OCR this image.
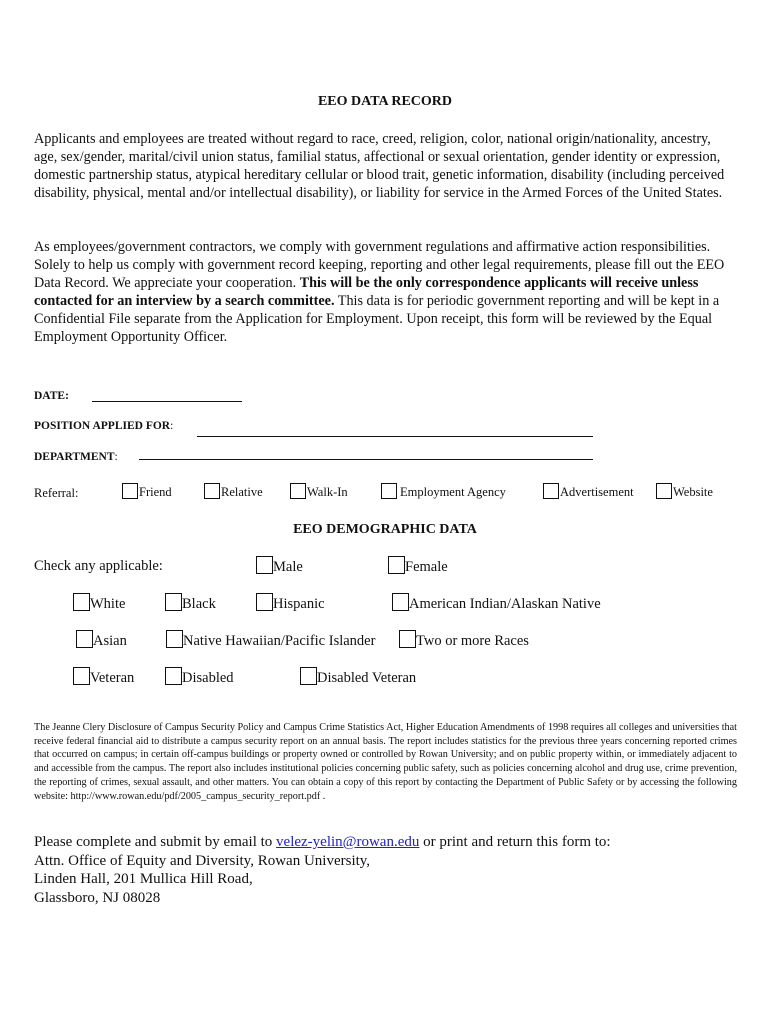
EEO DATA RECORD
Applicants and employees are treated without regard to race, creed, religion, color, national origin/nationality, ancestry, age, sex/gender, marital/civil union status, familial status, affectional or sexual orientation, gender identity or expression, domestic partnership status, atypical hereditary cellular or blood trait, genetic information, disability (including perceived disability, physical, mental and/or intellectual disability), or liability for service in the Armed Forces of the United States.
As employees/government contractors, we comply with government regulations and affirmative action responsibilities. Solely to help us comply with government record keeping, reporting and other legal requirements, please fill out the EEO Data Record. We appreciate your cooperation. This will be the only correspondence applicants will receive unless contacted for an interview by a search committee. This data is for periodic government reporting and will be kept in a Confidential File separate from the Application for Employment. Upon receipt, this form will be reviewed by the Equal Employment Opportunity Officer.
DATE:
POSITION APPLIED FOR:
DEPARTMENT:
Referral:	Friend	Relative	Walk-In	Employment Agency	Advertisement	Website
EEO DEMOGRAPHIC DATA
Check any applicable:	Male	Female
White	Black	Hispanic	American Indian/Alaskan Native
Asian	Native Hawaiian/Pacific Islander	Two or more Races
Veteran	Disabled	Disabled Veteran
The Jeanne Clery Disclosure of Campus Security Policy and Campus Crime Statistics Act, Higher Education Amendments of 1998 requires all colleges and universities that receive federal financial aid to distribute a campus security report on an annual basis. The report includes statistics for the previous three years concerning reported crimes that occurred on campus; in certain off-campus buildings or property owned or controlled by Rowan University; and on public property within, or immediately adjacent to and accessible from the campus. The report also includes institutional policies concerning public safety, such as policies concerning alcohol and drug use, crime prevention, the reporting of crimes, sexual assault, and other matters. You can obtain a copy of this report by contacting the Department of Public Safety or by accessing the following website: http://www.rowan.edu/pdf/2005_campus_security_report.pdf .
Please complete and submit by email to velez-yelin@rowan.edu or print and return this form to:
Attn. Office of Equity and Diversity, Rowan University,
Linden Hall, 201 Mullica Hill Road,
Glassboro, NJ 08028
